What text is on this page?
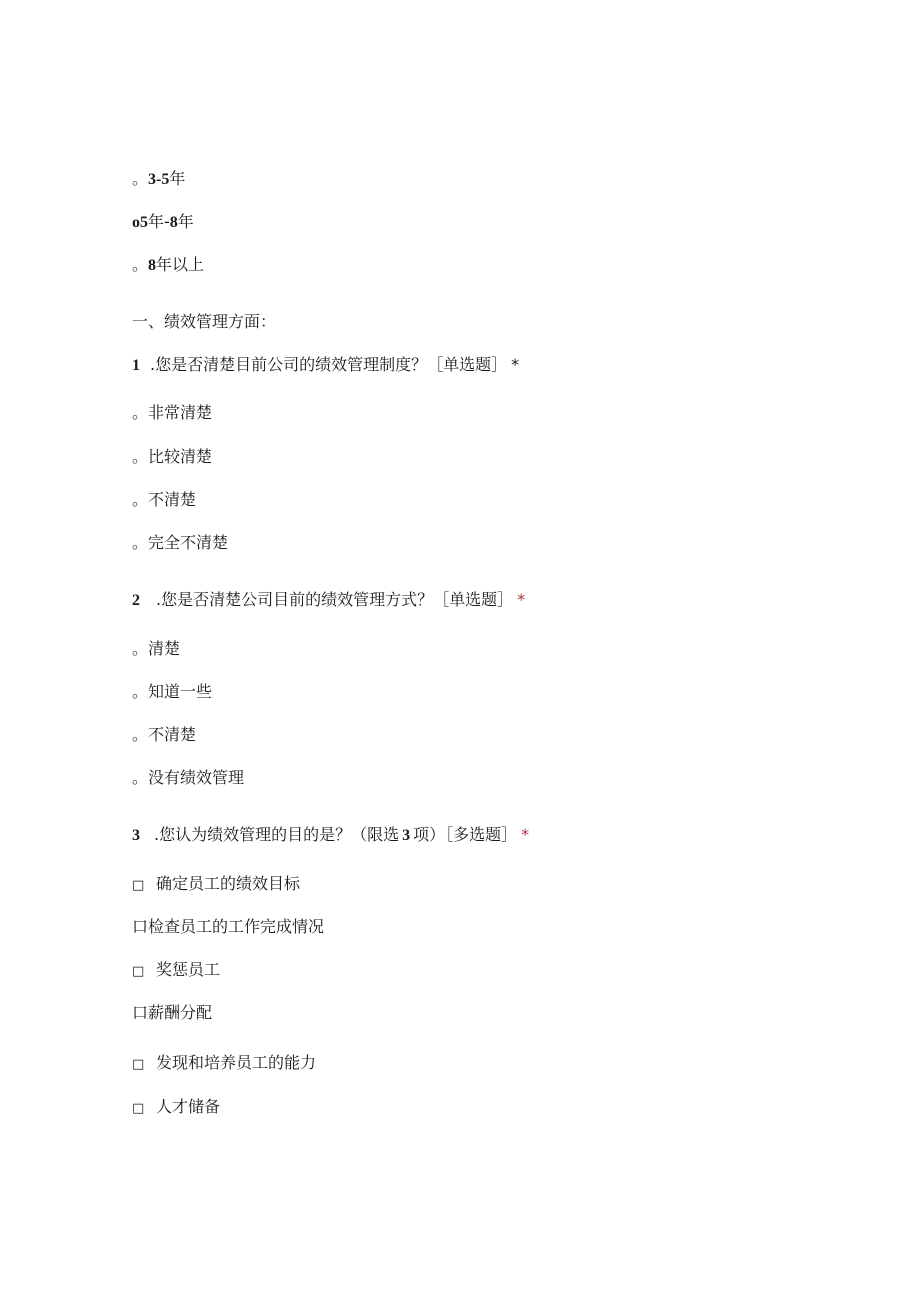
。3-5年
o5年-8年
。8年以上
一、绩效管理方面：
1 .您是否清楚目前公司的绩效管理制度？［单选题］ *
。非常清楚
。比较清楚
。不清楚
。完全不清楚
2 .您是否清楚公司目前的绩效管理方式？［单选题］ *
。清楚
。知道一些
。不清楚
。没有绩效管理
3 .您认为绩效管理的目的是？（限选 3 项）［多选题］ *
□ 确定员工的绩效目标
口检查员工的工作完成情况
□ 奖惩员工
口薪酬分配
□ 发现和培养员工的能力
□ 人才储备
